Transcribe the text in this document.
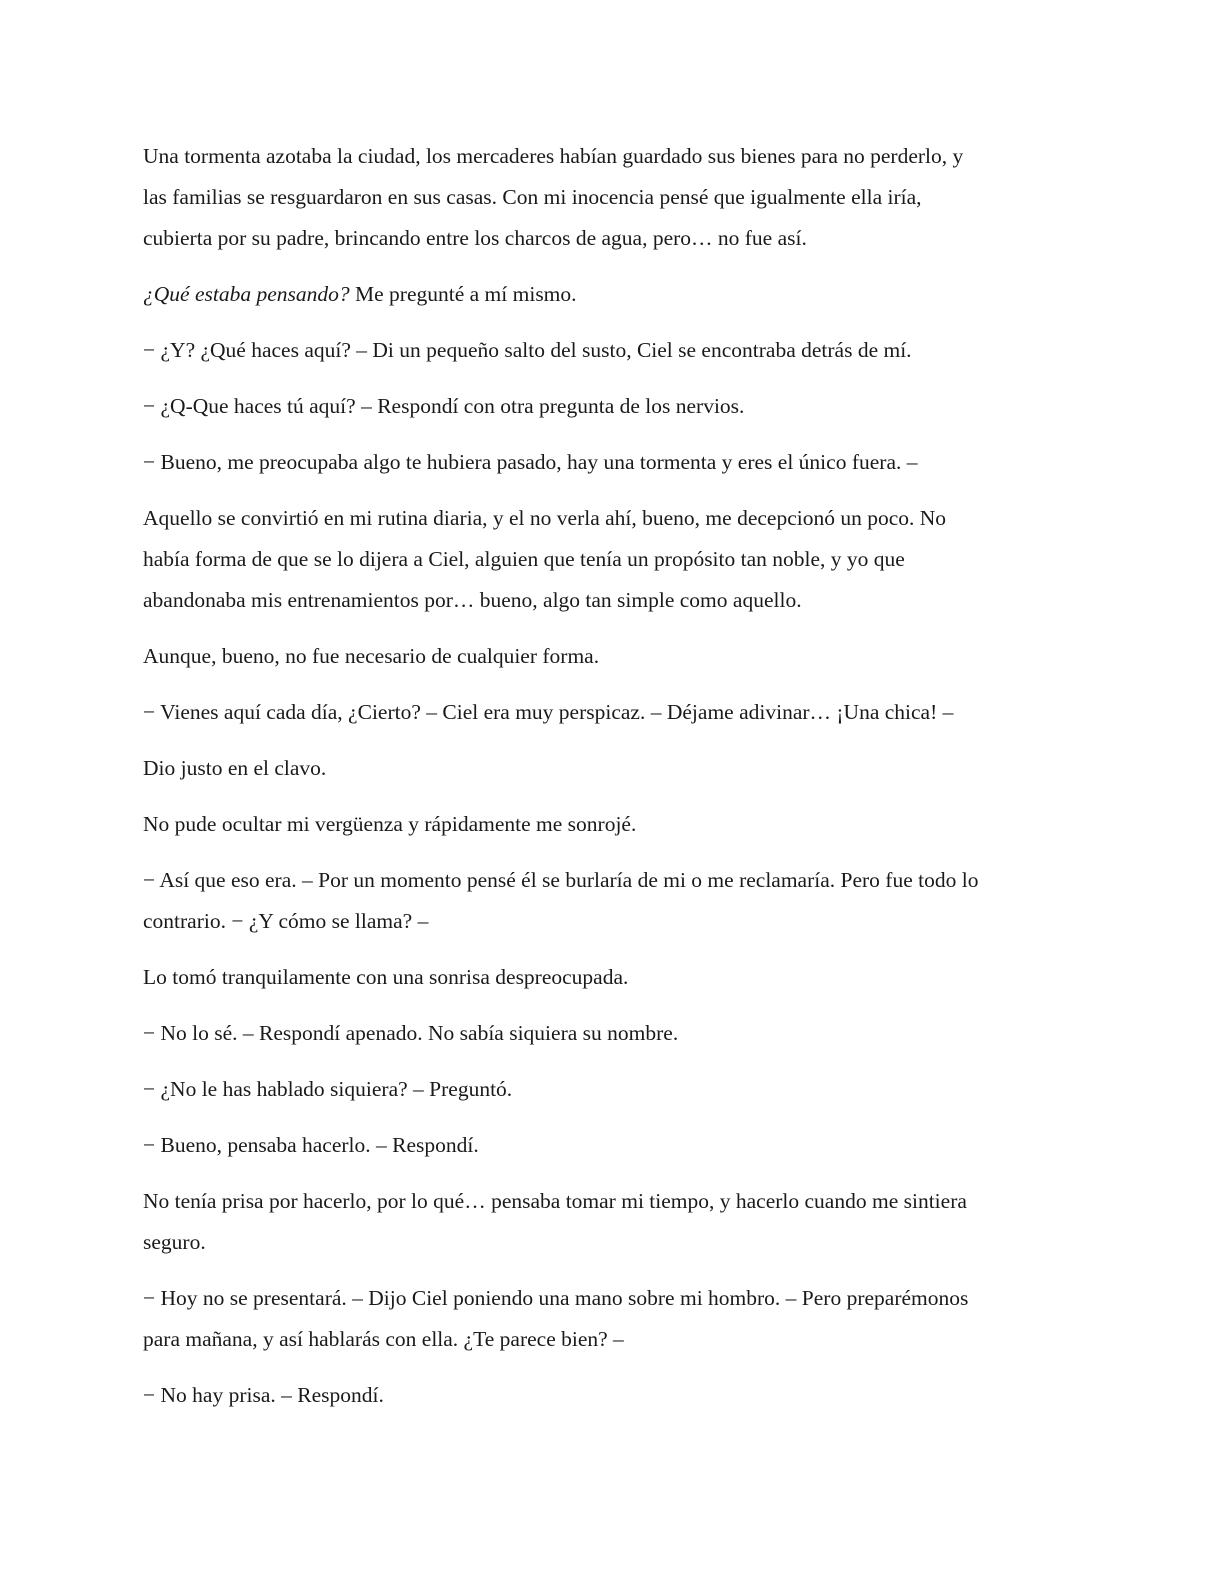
Una tormenta azotaba la ciudad, los mercaderes habían guardado sus bienes para no perderlo, y
las familias se resguardaron en sus casas. Con mi inocencia pensé que igualmente ella iría,
cubierta por su padre, brincando entre los charcos de agua, pero… no fue así.

¿Qué estaba pensando? Me pregunté a mí mismo.

− ¿Y? ¿Qué haces aquí? – Di un pequeño salto del susto, Ciel se encontraba detrás de mí.

− ¿Q-Que haces tú aquí? – Respondí con otra pregunta de los nervios.

− Bueno, me preocupaba algo te hubiera pasado, hay una tormenta y eres el único fuera. –

Aquello se convirtió en mi rutina diaria, y el no verla ahí, bueno, me decepcionó un poco. No
había forma de que se lo dijera a Ciel, alguien que tenía un propósito tan noble, y yo que
abandonaba mis entrenamientos por… bueno, algo tan simple como aquello.

Aunque, bueno, no fue necesario de cualquier forma.

− Vienes aquí cada día, ¿Cierto? – Ciel era muy perspicaz. – Déjame adivinar… ¡Una chica! –

Dio justo en el clavo.

No pude ocultar mi vergüenza y rápidamente me sonrojé.

− Así que eso era. – Por un momento pensé él se burlaría de mi o me reclamaría. Pero fue todo lo
contrario. − ¿Y cómo se llama? –

Lo tomó tranquilamente con una sonrisa despreocupada.

− No lo sé. – Respondí apenado. No sabía siquiera su nombre.

− ¿No le has hablado siquiera? – Preguntó.

− Bueno, pensaba hacerlo. – Respondí.

No tenía prisa por hacerlo, por lo qué… pensaba tomar mi tiempo, y hacerlo cuando me sintiera
seguro.

− Hoy no se presentará. – Dijo Ciel poniendo una mano sobre mi hombro. – Pero preparémonos
para mañana, y así hablarás con ella. ¿Te parece bien? –

− No hay prisa. – Respondí.
